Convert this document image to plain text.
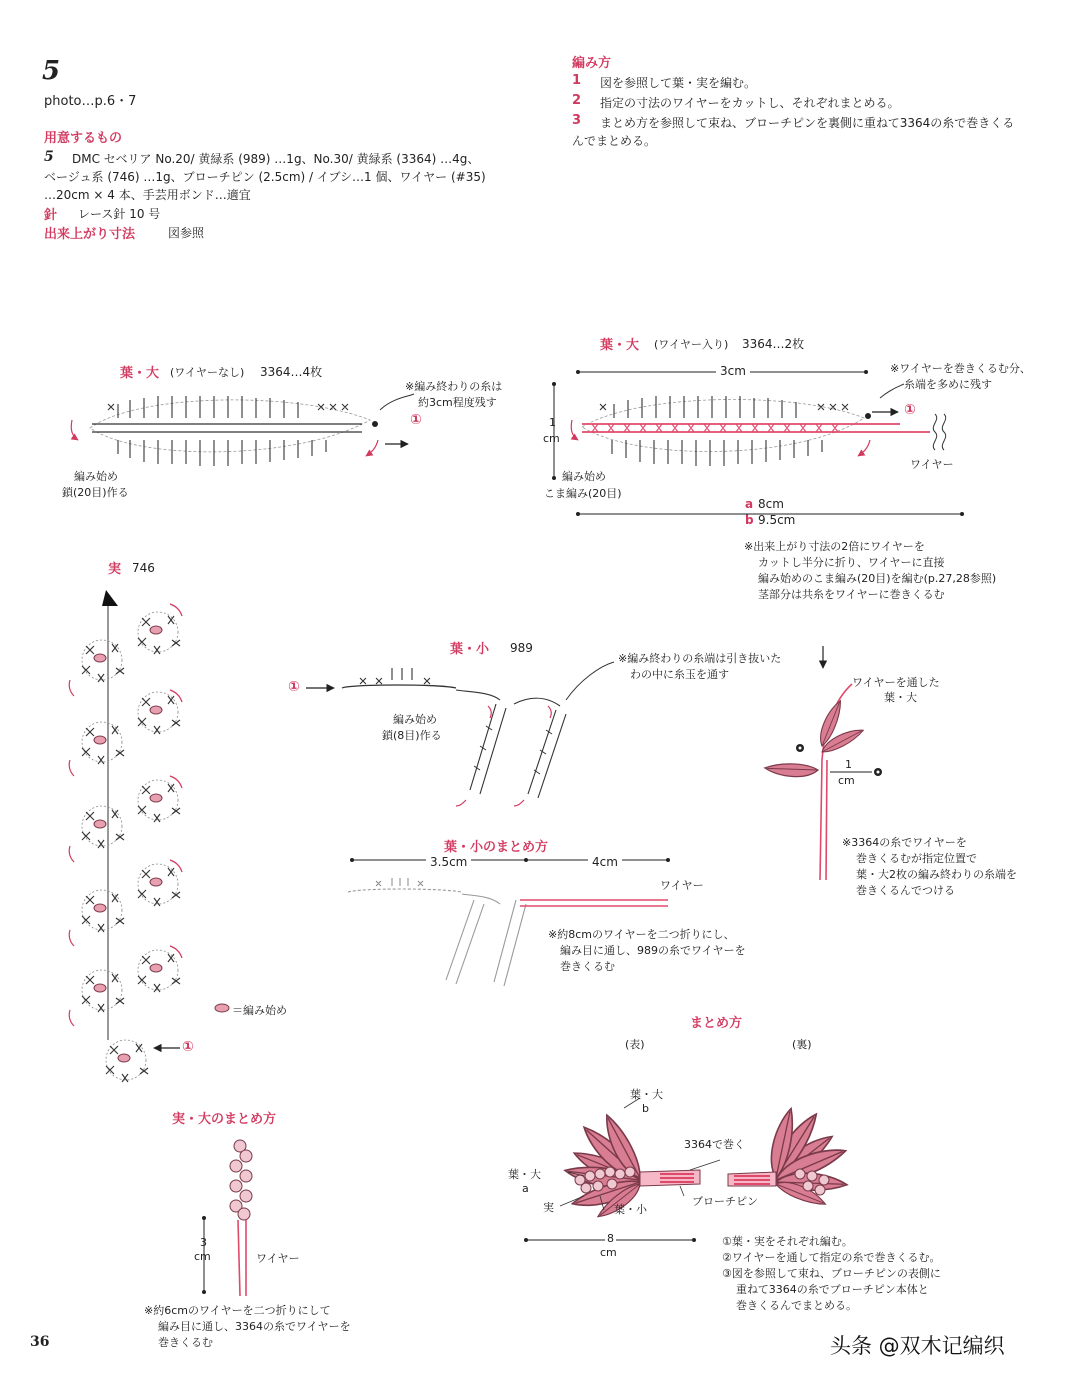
5
photo…p.6・7
用意するもの
5 DMC セベリア No.20/ 黄緑系 (989) …1g、No.30/ 黄緑系 (3364) …4g、
ベージュ系 (746) …1g、ブローチピン (2.5cm) / イブシ…1 個、ワイヤー (#35)
…20cm × 4 本、手芸用ボンド…適宜
針 レース針 10 号
出来上がり寸法	図参照
編み方
1 図を参照して葉・実を編む。
2 指定の寸法のワイヤーをカットし、それぞれまとめる。
3 まとめ方を参照して束ね、ブローチピンを裏側に重ねて3364の糸で巻きくる
んでまとめる。
葉・大 (ワイヤーなし) 3364…4枚
※編み終わりの糸は
約3cm程度残す
①
編み始め
鎖(20目)作る
葉・大 (ワイヤー入り) 3364…2枚
3cm
1
cm
※ワイヤーを巻きくるむ分、
糸端を多めに残す
①
ワイヤー
編み始め
こま編み(20目)
a 8cm
b 9.5cm
※出来上がり寸法の2倍にワイヤーを
カットし半分に折り、ワイヤーに直接
編み始めのこま編み(20目)を編む(p.27,28参照)
茎部分は共糸をワイヤーに巻きくるむ
実 746
＝編み始め
①
葉・小 989
※編み終わりの糸端は引き抜いた
わの中に糸玉を通す
①
編み始め
鎖(8目)作る
ワイヤーを通した
葉・大
1
cm
※3364の糸でワイヤーを
巻きくるむが指定位置で
葉・大2枚の編み終わりの糸端を
巻きくるんでつける
葉・小のまとめ方
3.5cm	4cm
ワイヤー
※約8cmのワイヤーを二つ折りにし、
編み目に通し、989の糸でワイヤーを
巻きくるむ
実・大のまとめ方
3
cm	ワイヤー
※約6cmのワイヤーを二つ折りにして
編み目に通し、3364の糸でワイヤーを
巻きくるむ
まとめ方
(表)	(裏)
葉・大
b
3364で巻く
葉・大
a
実	葉・小
ブローチピン
8
cm
①葉・実をそれぞれ編む。
②ワイヤーを通して指定の糸で巻きくるむ。
③図を参照して束ね、ブローチピンの表側に
重ねて3364の糸でブローチピン本体と
巻きくるんでまとめる。
36	头条 @双木记编织
